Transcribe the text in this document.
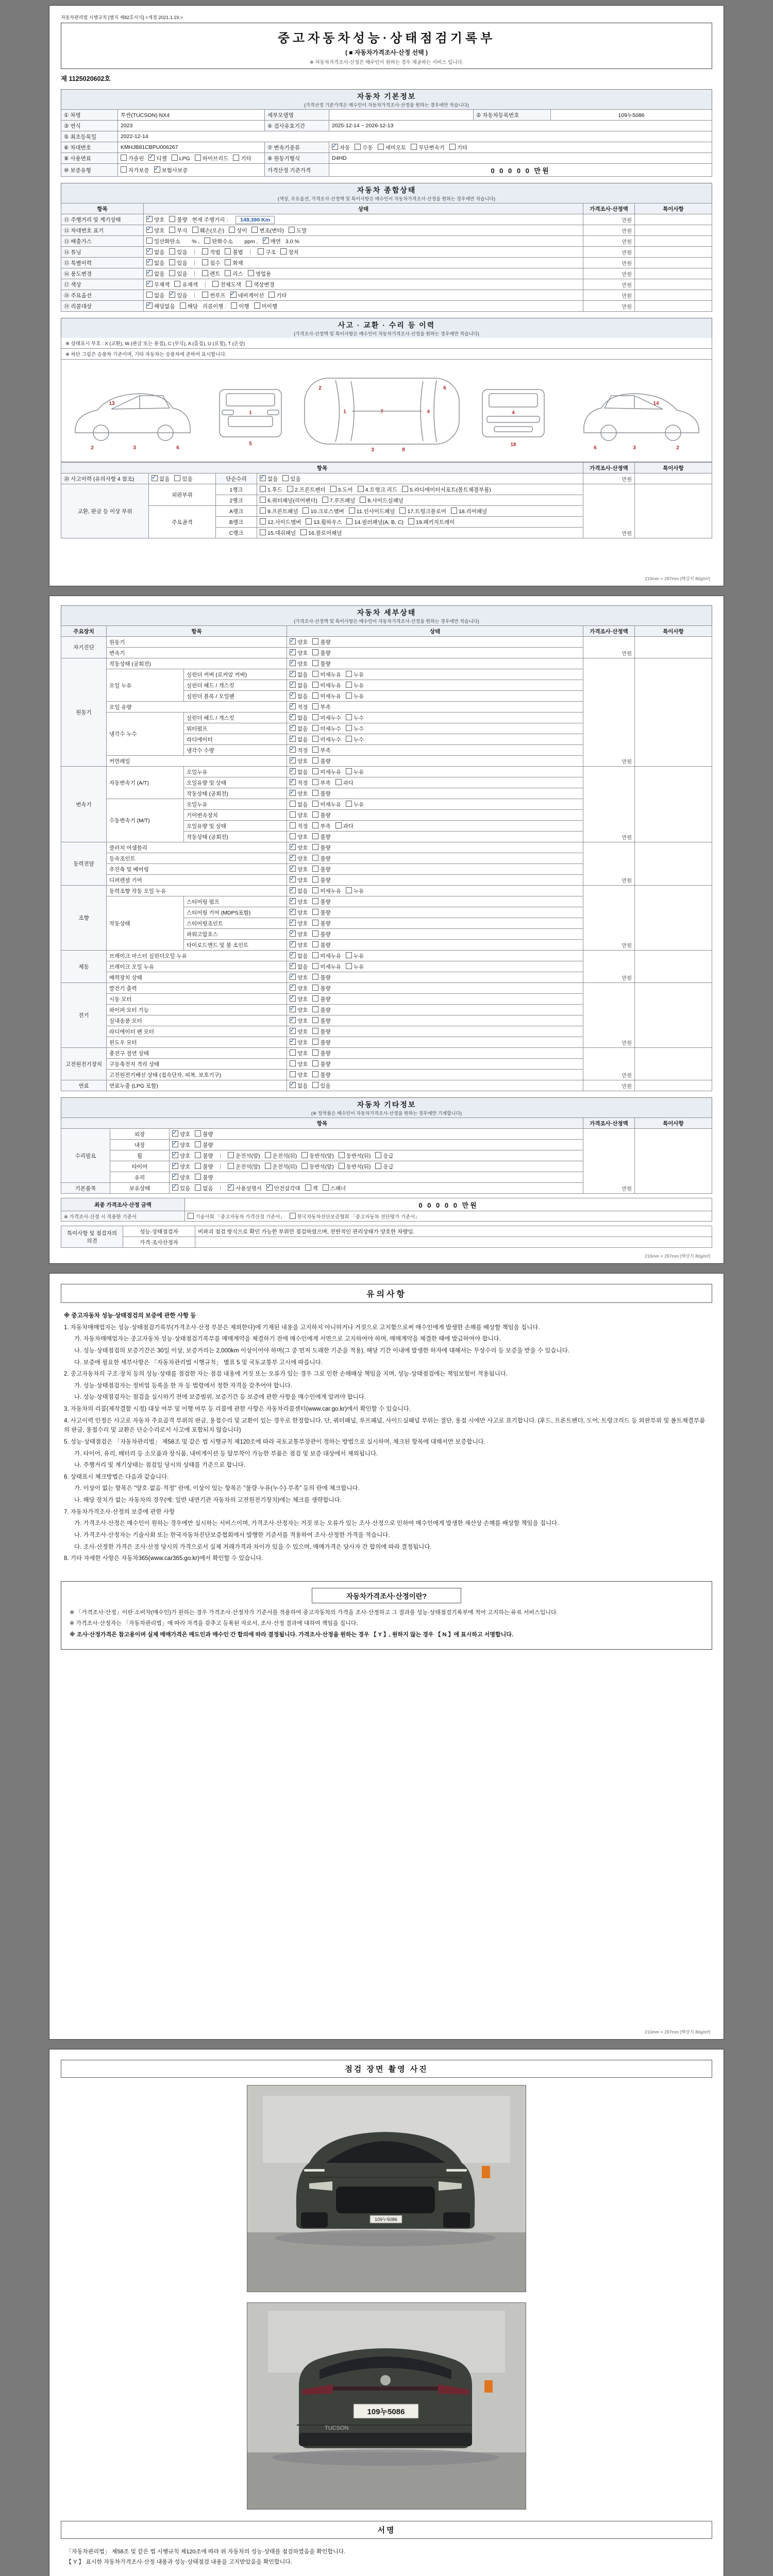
자동차관리법 시행규칙 [별지 제82호서식] <개정 2021.1.19.>
중고자동차성능·상태점검기록부
( ■ 자동차가격조사·산정 선택 )
※ 자동차가격조사·산정은 매수인이 원하는 경우 제공하는 서비스 입니다.
제 1125020602호
자동차 기본정보
(가격산정 기준가격은 매수인이 자동차가격조사·산정을 원하는 경우에만 적습니다)
① 차명	투싼(TUCSON) NX4	세부모델명		② 자동차등록번호	109누5086
③ 연식	2023	④ 검사유효기간	2025-12-14 ~ 2026-12-13		
⑤ 최초등록일	2022-12-14				
⑥ 차대번호	KMHJB81CBPU006267	⑦ 변속기종류	✓자동 수동 세미오토 무단변속기 기타
⑧ 사용연료	가솔린 ✓ 디젤 LPG 하이브리드 기타	⑨ 원동기형식	D4HD		
⑩ 보증유형	자가보증 ✓ 보험사보증	가격산정 기준가격	0 0 0 0 0 만원		
자동차 종합상태
(색상, 주요옵션, 가격조사·산정액 및 특이사항은 매수인이 자동차가격조사·산정을 원하는 경우에만 적습니다)
항목	상태	가격조사·산정액	특이사항
⑪ 주행거리 및 계기상태	✓양호 불량 현재 주행거리 : 149,390 Km	만원	
⑫ 차대번호 표기	✓양호 부식 훼손(오손) 상이 변조(변타) 도말	만원	
⑬ 배출가스	일산화탄소　 % , 탄화수소　 ppm , ✓ 매연 3.0 %	만원	
⑭ 튜닝	✓없음 있음 ｜ 적법 불법 ｜ 구조 장치	만원	
⑮ 특별이력	✓없음 있음 ｜ 침수 화재	만원	
⑯ 용도변경	✓없음 있음 ｜ 렌트 리스 영업용	만원	
⑰ 색상	✓무채색 유채색 ｜ 전체도색 색상변경	만원	
⑱ 주요옵션	없음 ✓ 있음 ｜ 썬루프 ✓ 네비게이션 기타	만원	
⑲ 리콜대상	✓해당없음 해당 리콜이행 : 이행 미이행	만원	
사고 · 교환 · 수리 등 이력
(가격조사·산정액 및 특이사항은 매수인이 자동차가격조사·산정을 원하는 경우에만 적습니다)
※ 상태표시 부호 : X (교환), W (판금 또는 용접), C (부식), A (흠집), U (요철), T (손상)
※ 하단 그림은 승용차 기준이며, 기타 자동차는 승용차에 준하여 표시합니다.
2	3	6
13
1
5
2
1	7	4
6
3	8
4
18
6	3	2
14
항목				가격조사·산정액	특이사항
⑳ 사고이력 (유의사항 4 참조)	✓없음 있음	단순수리	✓없음 있음	만원	
교환, 판금 등 이상 부위	외판부위	1랭크	1.후드 2.프론트펜더 3.도어 4.트렁크 리드 5.라디에이터서포트(볼트체결부품)	만원	
		2랭크	6.쿼터패널(리어펜더) 7.루프패널 8.사이드실패널		
	주요골격	A랭크	9.프론트패널 10.크로스멤버 11.인사이드패널 17.트렁크플로어 18.리어패널		
		B랭크	12.사이드멤버 13.휠하우스 14.필러패널(A, B, C) 19.패키지트레이		
		C랭크	15.대쉬패널 16.플로어패널		
210mm × 297mm [백상지 80g/m²]
자동차 세부상태
(가격조사·산정액 및 특이사항은 매수인이 자동차가격조사·산정을 원하는 경우에만 적습니다)
주요장치	항목		상태	가격조사·산정액	특이사항
자기진단	원동기	✓양호 불량	만원	
	변속기	✓양호 불량
원동기	작동상태 (공회전)	✓양호 불량	만원	
	오일 누유	실린더 커버 (로커암 커버)	✓없음 미세누유 누유
		실린더 헤드 / 개스킷	✓없음 미세누유 누유
		실린더 블록 / 오일팬	✓없음 미세누유 누유
	오일 유량	✓적정 부족
	냉각수 누수	실린더 헤드 / 개스킷	✓없음 미세누수 누수
		워터펌프	✓없음 미세누수 누수
		라디에이터	✓없음 미세누수 누수
		냉각수 수량	✓적정 부족
	커먼레일	✓양호 불량
변속기	자동변속기 (A/T)	오일누유	✓없음 미세누유 누유	만원	
		오일유량 및 상태	✓적정 부족 과다
		작동상태 (공회전)	✓양호 불량
	수동변속기 (M/T)	오일누유	없음 미세누유 누유		
		기어변속장치	양호 불량		
		오일유량 및 상태	적정 부족 과다		
		작동상태 (공회전)	양호 불량		
동력전달	클러치 어셈블리	✓양호 불량	만원	
	등속조인트	✓양호 불량
	추진축 및 베어링	✓양호 불량
	디퍼렌셜 기어	✓양호 불량
조향	동력조향 작동 오일 누유	✓없음 미세누유 누유	만원	
	작동상태	스티어링 펌프	✓양호 불량
		스티어링 기어 (MDPS포함)	✓양호 불량
		스티어링조인트	✓양호 불량
		파워고압호스	✓양호 불량
		타이로드엔드 및 볼 조인트	✓양호 불량
제동	브레이크 마스터 실린더오일 누유	✓없음 미세누유 누유	만원	
	브레이크 오일 누유	✓없음 미세누유 누유
	배력장치 상태	✓양호 불량
전기	발전기 출력	✓양호 불량	만원	
	시동 모터	✓양호 불량
	와이퍼 모터 기능	✓양호 불량
	실내송풍 모터	✓양호 불량
	라디에이터 팬 모터	✓양호 불량
	윈도우 모터	✓양호 불량
고전원전기장치	충전구 절연 상태		양호 불량	만원	
	구동축전지 격리 상태		양호 불량		
	고전원전기배선 상태 (접속단자, 피복, 보호기구)		양호 불량		
연료	연료누출 (LPG 포함)	✓없음 있음	만원	
자동차 기타정보
(※ 장착품은 매수인이 자동차가격조사·산정을 원하는 경우에만 기재합니다)
항목			가격조사·산정액	특이사항
수리필요	외장	✓양호 불량	만원	
	내장	✓양호 불량
	휠	✓양호 불량 ｜ 운전석(앞) 운전석(뒤) 동반석(앞) 동반석(뒤) 응급
	타이어	✓양호 불량 ｜ 운전석(앞) 운전석(뒤) 동반석(앞) 동반석(뒤) 응급
	유리	✓양호 불량
기본품목	보유상태	✓있음 없음 ｜ ✓ 사용설명서 ✓ 안전삼각대 잭 스패너
최종 가격조사·산정 금액	0 0 0 0 0 만원
※ 가격조사·산정 시 적용한 기준서	기술사회 「중고자동차 가격산정 기준서」 한국자동차진단보증협회 「중고자동차 진단평가 기준서」
특이사항 및 점검자의 의견	성능·상태점검자	비파괴 점검 방식으로 확인 가능한 부위만 점검하였으며, 전반적인 관리상태가 양호한 차량임.
	가격·조사산정자	
210mm × 297mm [백상지 80g/m²]
유의사항
※ 중고자동차 성능·상태점검의 보증에 관한 사항 등
1. 자동차매매업자는 성능·상태점검기록부(가격조사·산정 부분은 제외한다)에 기재된 내용을 고지하지 아니하거나 거짓으로 고지함으로써 매수인에게 발생한 손해를 배상할 책임을 집니다.
가. 자동차매매업자는 중고자동차 성능·상태점검기록부를 매매계약을 체결하기 전에 매수인에게 서면으로 고지하여야 하며, 매매계약을 체결한 때에 발급하여야 합니다.
나. 성능·상태점검의 보증기간은 30일 이상, 보증거리는 2,000km 이상이어야 하며(그 중 먼저 도래한 기준을 적용), 해당 기간 이내에 발생한 하자에 대해서는 무상수리 등 보증을 받을 수 있습니다.
다. 보증에 필요한 세부사항은 「자동차관리법 시행규칙」 별표 5 및 국토교통부 고시에 따릅니다.
2. 중고자동차의 구조·장치 등의 성능·상태를 점검한 자는 점검 내용에 거짓 또는 오류가 있는 경우 그로 인한 손해배상 책임을 지며, 성능·상태점검에는 책임보험이 적용됩니다.
가. 성능·상태점검자는 정비업 등록을 한 자 등 법령에서 정한 자격을 갖추어야 합니다.
나. 성능·상태점검자는 점검을 실시하기 전에 보증범위, 보증기간 등 보증에 관한 사항을 매수인에게 알려야 합니다.
3. 자동차의 리콜(제작결함 시정) 대상 여부 및 이행 여부 등 리콜에 관한 사항은 자동차리콜센터(www.car.go.kr)에서 확인할 수 있습니다.
4. 사고이력 인정은 사고로 자동차 주요골격 부위의 판금, 용접수리 및 교환이 있는 경우로 한정합니다. 단, 쿼터패널, 루프패널, 사이드실패널 부위는 절단, 용접 시에만 사고로 표기합니다. (후드, 프론트펜더, 도어, 트렁크리드 등 외판부위 및 볼트체결부품의 판금, 용접수리 및 교환은 단순수리로서 사고에 포함되지 않습니다)
5. 성능·상태점검은 「자동차관리법」 제58조 및 같은 법 시행규칙 제120조에 따라 국토교통부장관이 정하는 방법으로 실시하며, 체크된 항목에 대해서만 보증합니다.
가. 타이어, 유리, 배터리 등 소모품과 장식품, 내비게이션 등 탈부착이 가능한 부품은 점검 및 보증 대상에서 제외됩니다.
나. 주행거리 및 계기상태는 점검일 당시의 상태를 기준으로 합니다.
6. 상태표시 체크방법은 다음과 같습니다.
가. 이상이 없는 항목은 "양호·없음·적정" 란에, 이상이 있는 항목은 "불량·누유(누수)·부족" 등의 란에 체크합니다.
나. 해당 장치가 없는 자동차의 경우(예: 일반 내연기관 자동차의 고전원전기장치)에는 체크를 생략합니다.
7. 자동차가격조사·산정의 보증에 관한 사항
가. 가격조사·산정은 매수인이 원하는 경우에만 실시하는 서비스이며, 가격조사·산정자는 거짓 또는 오류가 있는 조사·산정으로 인하여 매수인에게 발생한 재산상 손해를 배상할 책임을 집니다.
나. 가격조사·산정자는 기술사회 또는 한국자동차진단보증협회에서 발행한 기준서를 적용하여 조사·산정한 가격을 적습니다.
다. 조사·산정한 가격은 조사·산정 당시의 가격으로서 실제 거래가격과 차이가 있을 수 있으며, 매매가격은 당사자 간 합의에 따라 결정됩니다.
8. 기타 자세한 사항은 자동차365(www.car365.go.kr)에서 확인할 수 있습니다.
자동차가격조사·산정이란?
※ 「가격조사·산정」이란 소비자(매수인)가 원하는 경우 가격조사·산정자가 기준서를 적용하여 중고자동차의 가격을 조사·산정하고 그 결과를 성능·상태점검기록부에 적어 고지하는 유료 서비스입니다.
※ 가격조사·산정자는 「자동차관리법」에 따라 자격을 갖추고 등록된 자로서, 조사·산정 결과에 대하여 책임을 집니다.
※ 조사·산정가격은 참고용이며 실제 매매가격은 매도인과 매수인 간 합의에 따라 결정됩니다. 가격조사·산정을 원하는 경우 【 Y 】, 원하지 않는 경우 【 N 】에 표시하고 서명합니다.
210mm × 297mm [백상지 80g/m²]
점검 장면 촬영 사진
109누5086
109누5086
TUCSON
서명
「자동차관리법」 제58조 및 같은 법 시행규칙 제120조에 따라 위 자동차의 성능·상태를 점검하였음을 확인합니다.
【 Y 】 표시한 자동차가격조사·산정 내용과 성능·상태점검 내용을 고지받았음을 확인합니다.
